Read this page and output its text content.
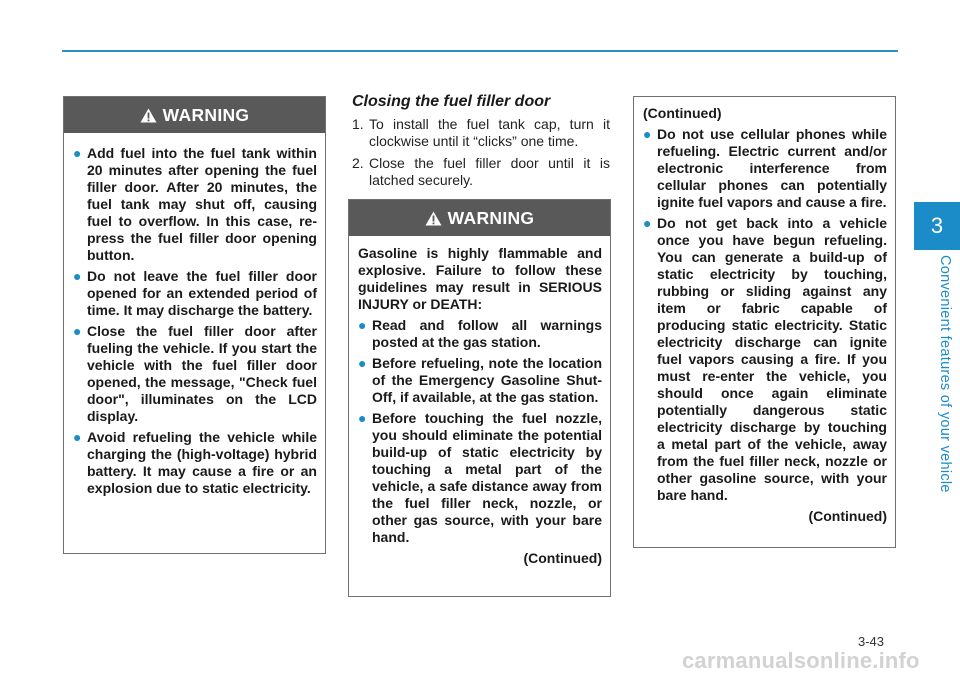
3
Convenient features of your vehicle
WARNING
● Add fuel into the fuel tank within 20 minutes after opening the fuel filler door. After 20 minutes, the fuel tank may shut off, causing fuel to overflow. In this case, re-press the fuel filler door opening button.
● Do not leave the fuel filler door opened for an extended period of time. It may discharge the battery.
● Close the fuel filler door after fueling the vehicle. If you start the vehicle with the fuel filler door opened, the message, "Check fuel door", illuminates on the LCD display.
● Avoid refueling the vehicle while charging the (high-voltage) hybrid battery. It may cause a fire or an explosion due to static electricity.
Closing the fuel filler door
1. To install the fuel tank cap, turn it clockwise until it “clicks” one time.
2. Close the fuel filler door until it is latched securely.
WARNING
Gasoline is highly flammable and explosive. Failure to follow these guidelines may result in SERIOUS INJURY or DEATH:
● Read and follow all warnings posted at the gas station.
● Before refueling, note the location of the Emergency Gasoline Shut-Off, if available, at the gas station.
● Before touching the fuel nozzle, you should eliminate the potential build-up of static electricity by touching a metal part of the vehicle, a safe distance away from the fuel filler neck, nozzle, or other gas source, with your bare hand.
(Continued)
(Continued)
● Do not use cellular phones while refueling. Electric current and/or electronic interference from cellular phones can potentially ignite fuel vapors and cause a fire.
● Do not get back into a vehicle once you have begun refueling. You can generate a build-up of static electricity by touching, rubbing or sliding against any item or fabric capable of producing static electricity. Static electricity discharge can ignite fuel vapors causing a fire. If you must re-enter the vehicle, you should once again eliminate potentially dangerous static electricity discharge by touching a metal part of the vehicle, away from the fuel filler neck, nozzle or other gasoline source, with your bare hand.
(Continued)
3-43
carmanualsonline.info
